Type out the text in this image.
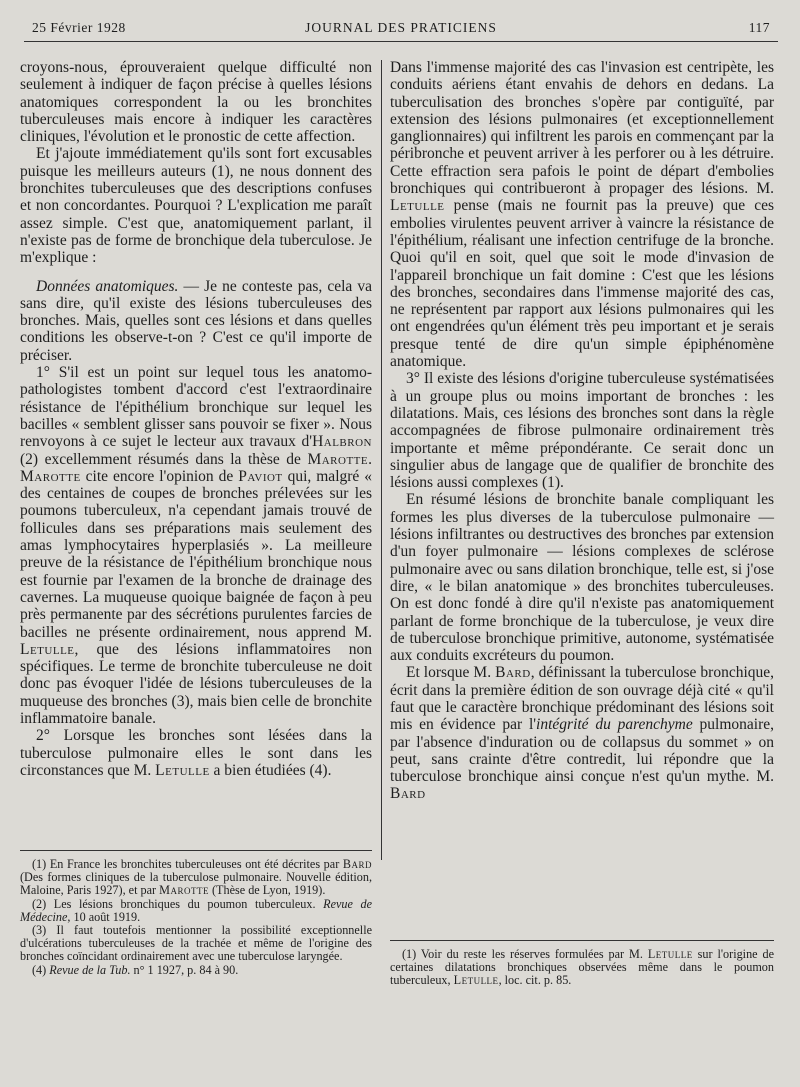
25 Février 1928	JOURNAL DES PRATICIENS	117

croyons-nous, éprouveraient quelque difficulté non seulement à indiquer de façon précise à quelles lésions anatomiques correspondent la ou les bronchites tuberculeuses mais encore à indiquer les caractères cliniques, l'évolution et le pronostic de cette affection.

Et j'ajoute immédiatement qu'ils sont fort excusables puisque les meilleurs auteurs (1), ne nous donnent des bronchites tuberculeuses que des descriptions confuses et non concordantes. Pourquoi ? L'explication me paraît assez simple. C'est que, anatomiquement parlant, il n'existe pas de forme de bronchique dela tuberculose. Je m'explique :

Données anatomiques. — Je ne conteste pas, cela va sans dire, qu'il existe des lésions tuberculeuses des bronches. Mais, quelles sont ces lésions et dans quelles conditions les observe-t-on ? C'est ce qu'il importe de préciser.

1° S'il est un point sur lequel tous les anatomo-pathologistes tombent d'accord c'est l'extraordinaire résistance de l'épithélium bronchique sur lequel les bacilles « semblent glisser sans pouvoir se fixer ». Nous renvoyons à ce sujet le lecteur aux travaux d'Halbron (2) excellemment résumés dans la thèse de Marotte. Marotte cite encore l'opinion de Paviot qui, malgré « des centaines de coupes de bronches prélevées sur les poumons tuberculeux, n'a cependant jamais trouvé de follicules dans ses préparations mais seulement des amas lymphocytaires hyperplasiés ». La meilleure preuve de la résistance de l'épithélium bronchique nous est fournie par l'examen de la bronche de drainage des cavernes. La muqueuse quoique baignée de façon à peu près permanente par des sécrétions purulentes farcies de bacilles ne présente ordinairement, nous apprend M. Letulle, que des lésions inflammatoires non spécifiques. Le terme de bronchite tuberculeuse ne doit donc pas évoquer l'idée de lésions tuberculeuses de la muqueuse des bronches (3), mais bien celle de bronchite inflammatoire banale.

2° Lorsque les bronches sont lésées dans la tuberculose pulmonaire elles le sont dans les circonstances que M. Letulle a bien étudiées (4).

(1) En France les bronchites tuberculeuses ont été décrites par Bard (Des formes cliniques de la tuberculose pulmonaire. Nouvelle édition, Maloine, Paris 1927), et par Marotte (Thèse de Lyon, 1919).

(2) Les lésions bronchiques du poumon tuberculeux. Revue de Médecine, 10 août 1919.

(3) Il faut toutefois mentionner la possibilité exceptionnelle d'ulcérations tuberculeuses de la trachée et même de l'origine des bronches coïncidant ordinairement avec une tuberculose laryngée.

(4) Revue de la Tub. n° 1 1927, p. 84 à 90.

Dans l'immense majorité des cas l'invasion est centripète, les conduits aériens étant envahis de dehors en dedans. La tuberculisation des bronches s'opère par contiguïté, par extension des lésions pulmonaires (et exceptionnellement ganglionnaires) qui infiltrent les parois en commençant par la péribronche et peuvent arriver à les perforer ou à les détruire. Cette effraction sera pafois le point de départ d'embolies bronchiques qui contribueront à propager des lésions. M. Letulle pense (mais ne fournit pas la preuve) que ces embolies virulentes peuvent arriver à vaincre la résistance de l'épithélium, réalisant une infection centrifuge de la bronche. Quoi qu'il en soit, quel que soit le mode d'invasion de l'appareil bronchique un fait domine : C'est que les lésions des bronches, secondaires dans l'immense majorité des cas, ne représentent par rapport aux lésions pulmonaires qui les ont engendrées qu'un élément très peu important et je serais presque tenté de dire qu'un simple épiphénomène anatomique.

3° Il existe des lésions d'origine tuberculeuse systématisées à un groupe plus ou moins important de bronches : les dilatations. Mais, ces lésions des bronches sont dans la règle accompagnées de fibrose pulmonaire ordinairement très importante et même prépondérante. Ce serait donc un singulier abus de langage que de qualifier de bronchite des lésions aussi complexes (1).

En résumé lésions de bronchite banale compliquant les formes les plus diverses de la tuberculose pulmonaire — lésions infiltrantes ou destructives des bronches par extension d'un foyer pulmonaire — lésions complexes de sclérose pulmonaire avec ou sans dilation bronchique, telle est, si j'ose dire, « le bilan anatomique » des bronchites tuberculeuses. On est donc fondé à dire qu'il n'existe pas anatomiquement parlant de forme bronchique de la tuberculose, je veux dire de tuberculose bronchique primitive, autonome, systématisée aux conduits excréteurs du poumon.

Et lorsque M. Bard, définissant la tuberculose bronchique, écrit dans la première édition de son ouvrage déjà cité « qu'il faut que le caractère bronchique prédominant des lésions soit mis en évidence par l'intégrité du parenchyme pulmonaire, par l'absence d'induration ou de collapsus du sommet » on peut, sans crainte d'être contredit, lui répondre que la tuberculose bronchique ainsi conçue n'est qu'un mythe. M. Bard

(1) Voir du reste les réserves formulées par M. Letulle sur l'origine de certaines dilatations bronchiques observées même dans le poumon tuberculeux, Letulle, loc. cit. p. 85.
